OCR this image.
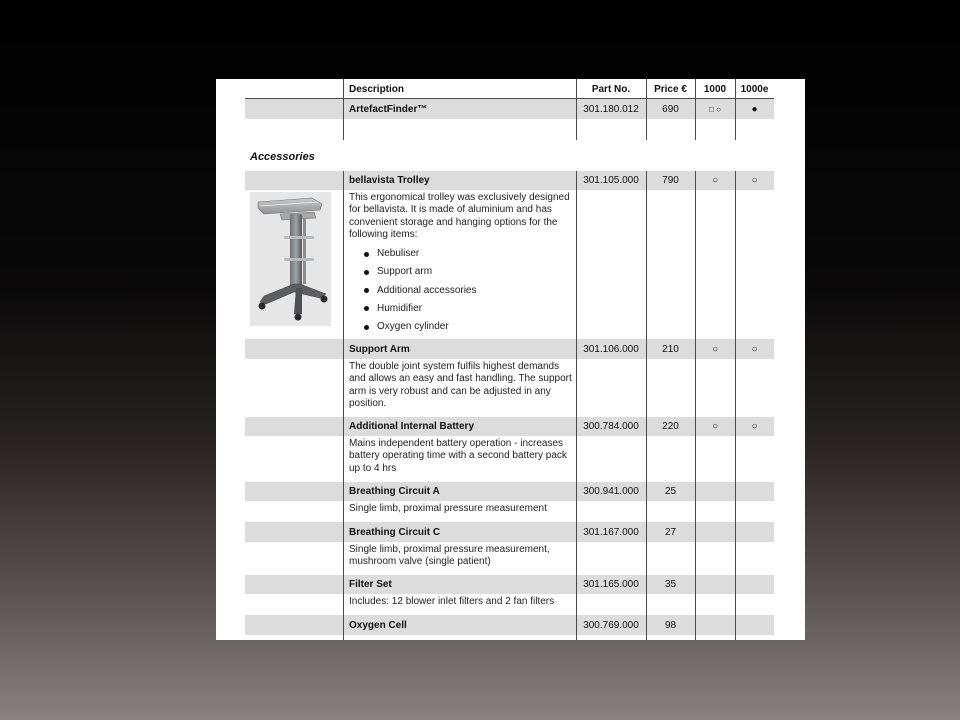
Description	Part No.	Price €	1000	1000e
ArtefactFinder™	301.180.012	690	□ ○	●
Accessories
bellavista Trolley	301.105.000	790	○	○
This ergonomical trolley was exclusively designed for bellavista. It is made of aluminium and has convenient storage and hanging options for the following items:
Nebuliser
Support arm
Additional accessories
Humidifier
Oxygen cylinder
Support Arm	301.106.000	210	○	○
The double joint system fulfils highest demands and allows an easy and fast handling. The support arm is very robust and can be adjusted in any position.
Additional Internal Battery	300.784.000	220	○	○
Mains independent battery operation - increases battery operating time with a second battery pack up to 4 hrs
Breathing Circuit A	300.941.000	25
Single limb, proximal pressure measurement
Breathing Circuit C	301.167.000	27
Single limb, proximal pressure measurement, mushroom valve (single patient)
Filter Set	301.165.000	35
Includes: 12 blower inlet filters and 2 fan filters
Oxygen Cell	300.769.000	98
